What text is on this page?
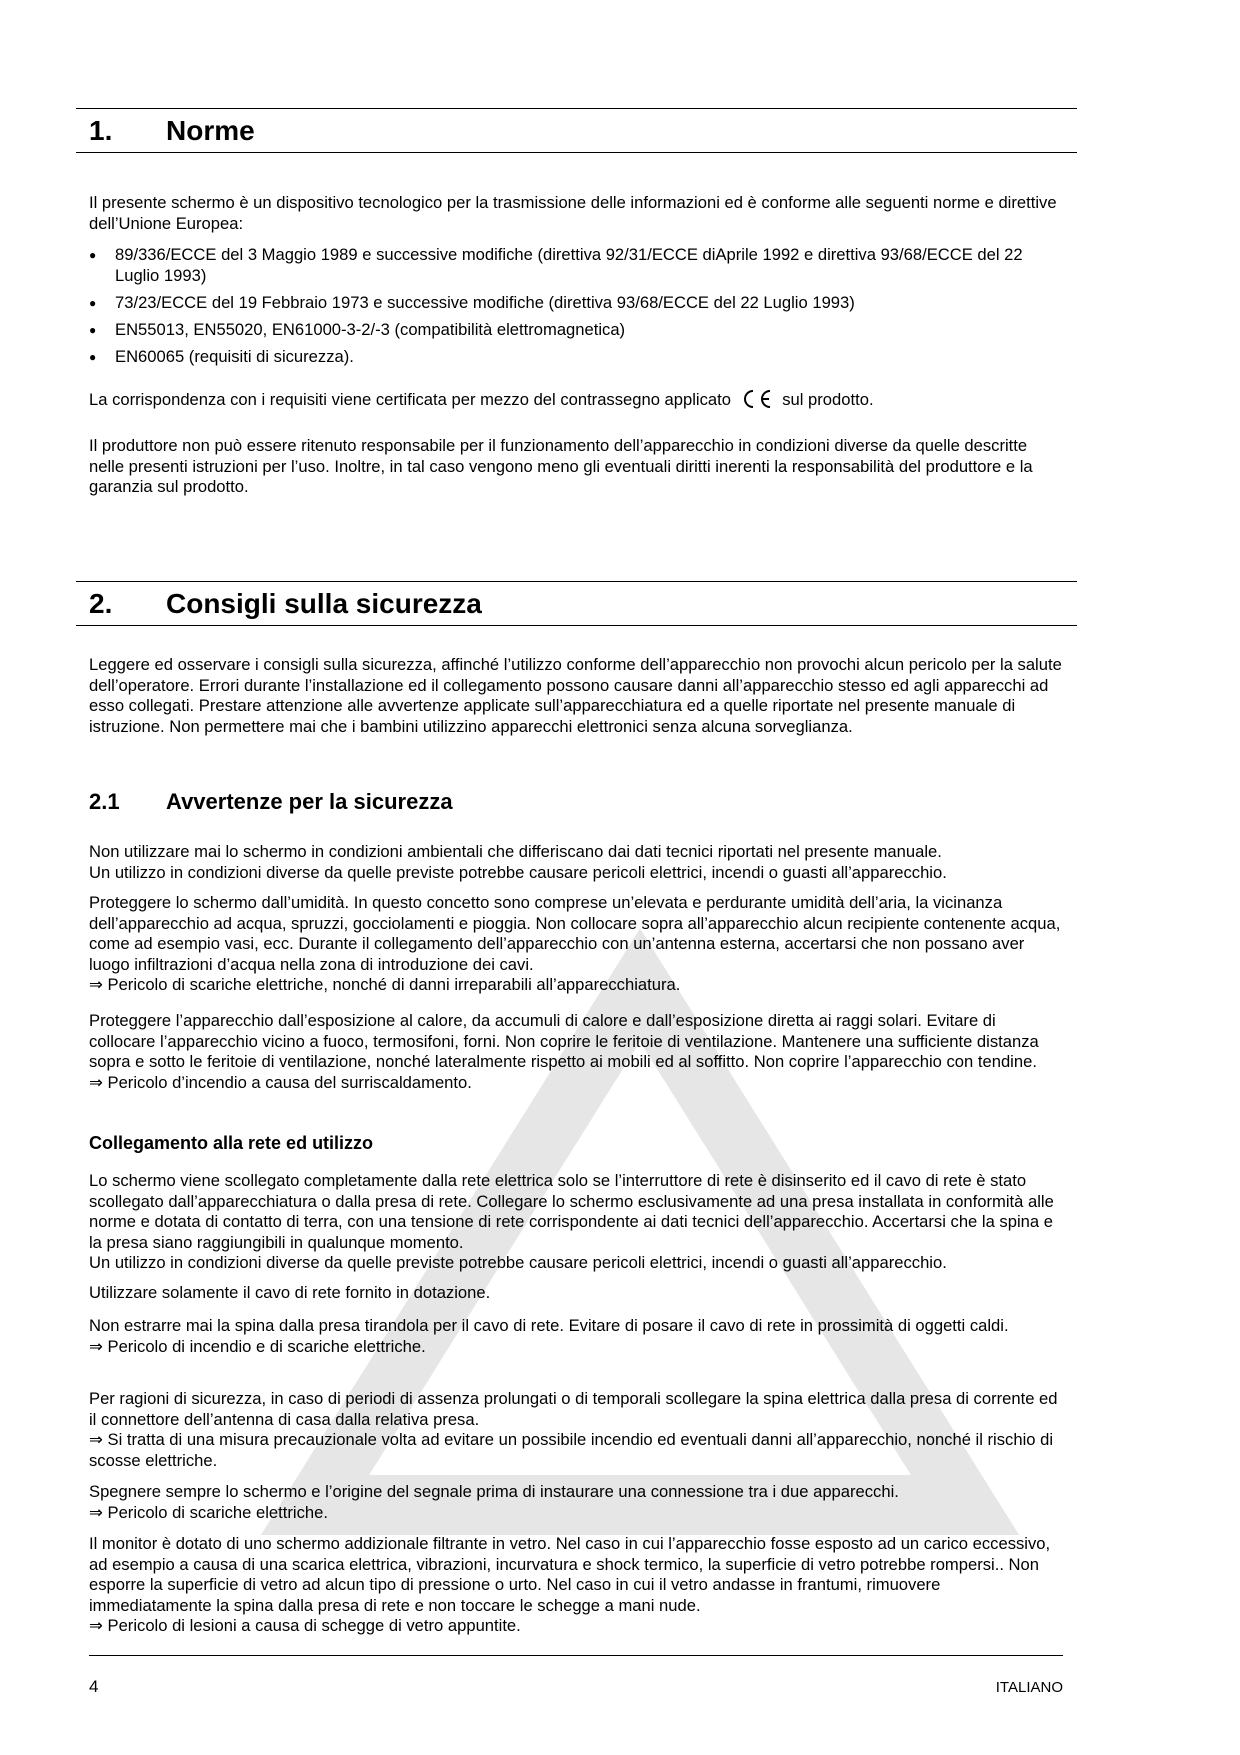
1. Norme

Il presente schermo è un dispositivo tecnologico per la trasmissione delle informazioni ed è conforme alle seguenti norme e direttive dell’Unione Europea:

● 89/336/ECCE del 3 Maggio 1989 e successive modifiche (direttiva 92/31/ECCE diAprile 1992 e direttiva 93/68/ECCE del 22 Luglio 1993)
● 73/23/ECCE del 19 Febbraio 1973 e successive modifiche (direttiva 93/68/ECCE del 22 Luglio 1993)
● EN55013, EN55020, EN61000-3-2/-3 (compatibilità elettromagnetica)
● EN60065 (requisiti di sicurezza).
La corrispondenza con i requisiti viene certificata per mezzo del contrassegno applicato	sul prodotto.

Il produttore non può essere ritenuto responsabile per il funzionamento dell’apparecchio in condizioni diverse da quelle descritte nelle presenti istruzioni per l’uso. Inoltre, in tal caso vengono meno gli eventuali diritti inerenti la responsabilità del produttore e la garanzia sul prodotto.

2. Consigli sulla sicurezza

Leggere ed osservare i consigli sulla sicurezza, affinché l’utilizzo conforme dell’apparecchio non provochi alcun pericolo per la salute dell’operatore. Errori durante l’installazione ed il collegamento possono causare danni all’apparecchio stesso ed agli apparecchi ad esso collegati. Prestare attenzione alle avvertenze applicate sull’apparecchiatura ed a quelle riportate nel presente manuale di istruzione. Non permettere mai che i bambini utilizzino apparecchi elettronici senza alcuna sorveglianza.

2.1 Avvertenze per la sicurezza

Non utilizzare mai lo schermo in condizioni ambientali che differiscano dai dati tecnici riportati nel presente manuale.

Un utilizzo in condizioni diverse da quelle previste potrebbe causare pericoli elettrici, incendi o guasti all’apparecchio.

Proteggere lo schermo dall’umidità. In questo concetto sono comprese un’elevata e perdurante umidità dell’aria, la vicinanza dell’apparecchio ad acqua, spruzzi, gocciolamenti e pioggia. Non collocare sopra all’apparecchio alcun recipiente contenente acqua, come ad esempio vasi, ecc. Durante il collegamento dell’apparecchio con un’antenna esterna, accertarsi che non possano aver luogo infiltrazioni d’acqua nella zona di introduzione dei cavi.

⇒ Pericolo di scariche elettriche, nonché di danni irreparabili all’apparecchiatura.

Proteggere l’apparecchio dall’esposizione al calore, da accumuli di calore e dall’esposizione diretta ai raggi solari. Evitare di collocare l’apparecchio vicino a fuoco, termosifoni, forni. Non coprire le feritoie di ventilazione. Mantenere una sufficiente distanza sopra e sotto le feritoie di ventilazione, nonché lateralmente rispetto ai mobili ed al soffitto. Non coprire l’apparecchio con tendine.

⇒ Pericolo d’incendio a causa del surriscaldamento.

Collegamento alla rete ed utilizzo

Lo schermo viene scollegato completamente dalla rete elettrica solo se l’interruttore di rete è disinserito ed il cavo di rete è stato scollegato dall’apparecchiatura o dalla presa di rete. Collegare lo schermo esclusivamente ad una presa installata in conformità alle norme e dotata di contatto di terra, con una tensione di rete corrispondente ai dati tecnici dell’apparecchio. Accertarsi che la spina e la presa siano raggiungibili in qualunque momento.

Un utilizzo in condizioni diverse da quelle previste potrebbe causare pericoli elettrici, incendi o guasti all’apparecchio.

Utilizzare solamente il cavo di rete fornito in dotazione.

Non estrarre mai la spina dalla presa tirandola per il cavo di rete. Evitare di posare il cavo di rete in prossimità di oggetti caldi.

⇒ Pericolo di incendio e di scariche elettriche.

Per ragioni di sicurezza, in caso di periodi di assenza prolungati o di temporali scollegare la spina elettrica dalla presa di corrente ed il connettore dell’antenna di casa dalla relativa presa.

⇒ Si tratta di una misura precauzionale volta ad evitare un possibile incendio ed eventuali danni all’apparecchio, nonché il rischio di scosse elettriche.

Spegnere sempre lo schermo e l’origine del segnale prima di instaurare una connessione tra i due apparecchi.

⇒ Pericolo di scariche elettriche.

Il monitor è dotato di uno schermo addizionale filtrante in vetro. Nel caso in cui l’apparecchio fosse esposto ad un carico eccessivo, ad esempio a causa di una scarica elettrica, vibrazioni, incurvatura e shock termico, la superficie di vetro potrebbe rompersi.. Non esporre la superficie di vetro ad alcun tipo di pressione o urto. Nel caso in cui il vetro andasse in frantumi, rimuovere immediatamente la spina dalla presa di rete e non toccare le schegge a mani nude.

⇒ Pericolo di lesioni a causa di schegge di vetro appuntite.

4	ITALIANO
